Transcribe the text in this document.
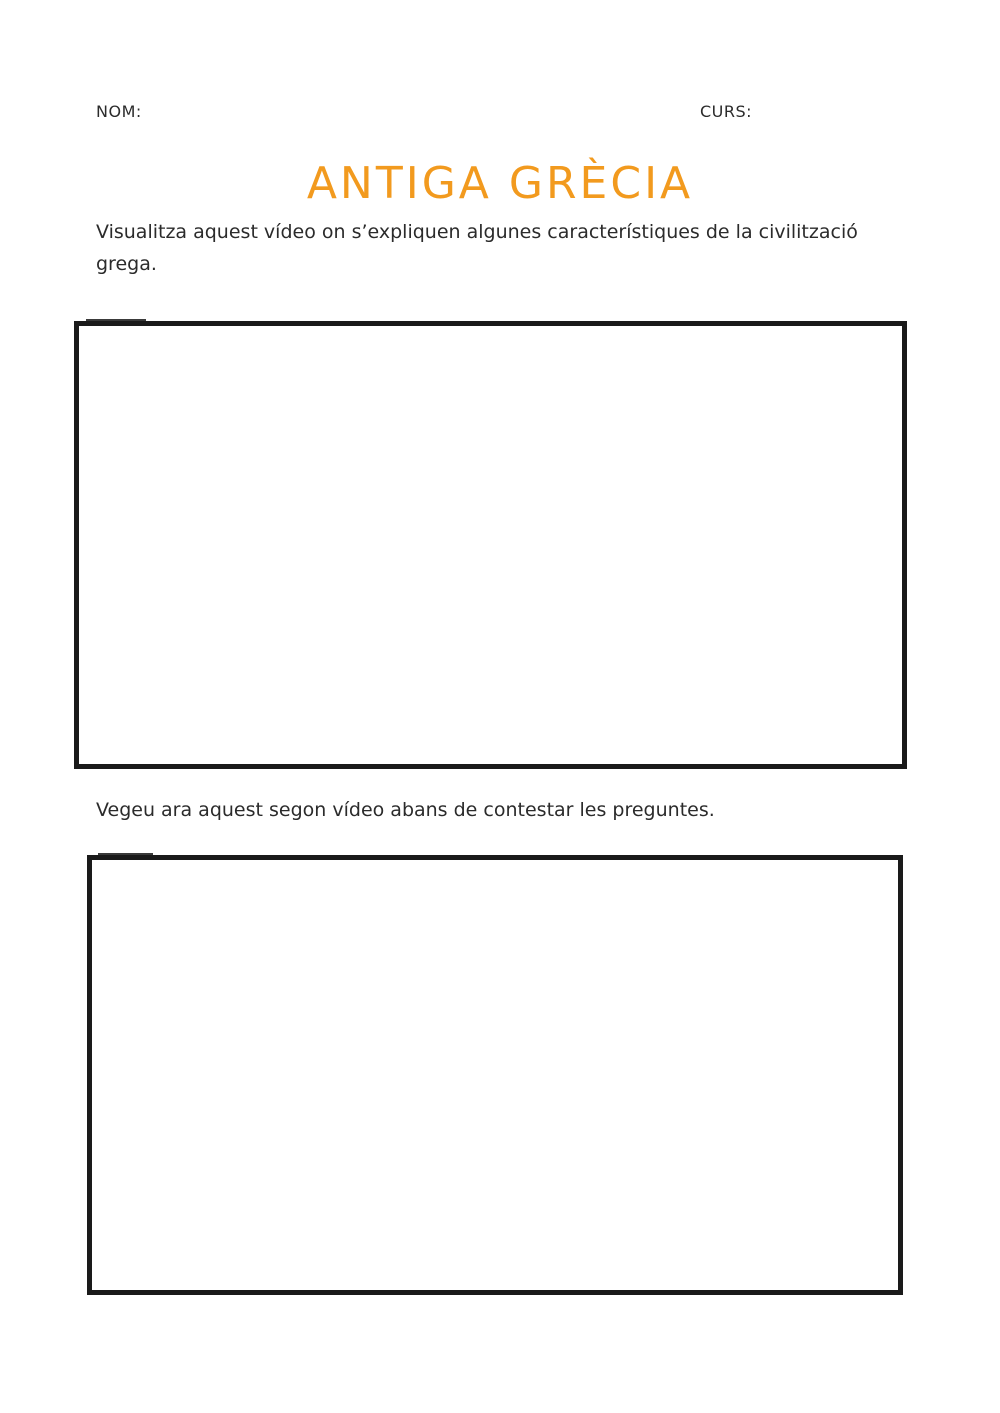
NOM:	CURS:
ANTIGA GRÈCIA

Visualitza aquest vídeo on s’expliquen algunes característiques de la civilització grega.

Vegeu ara aquest segon vídeo abans de contestar les preguntes.
